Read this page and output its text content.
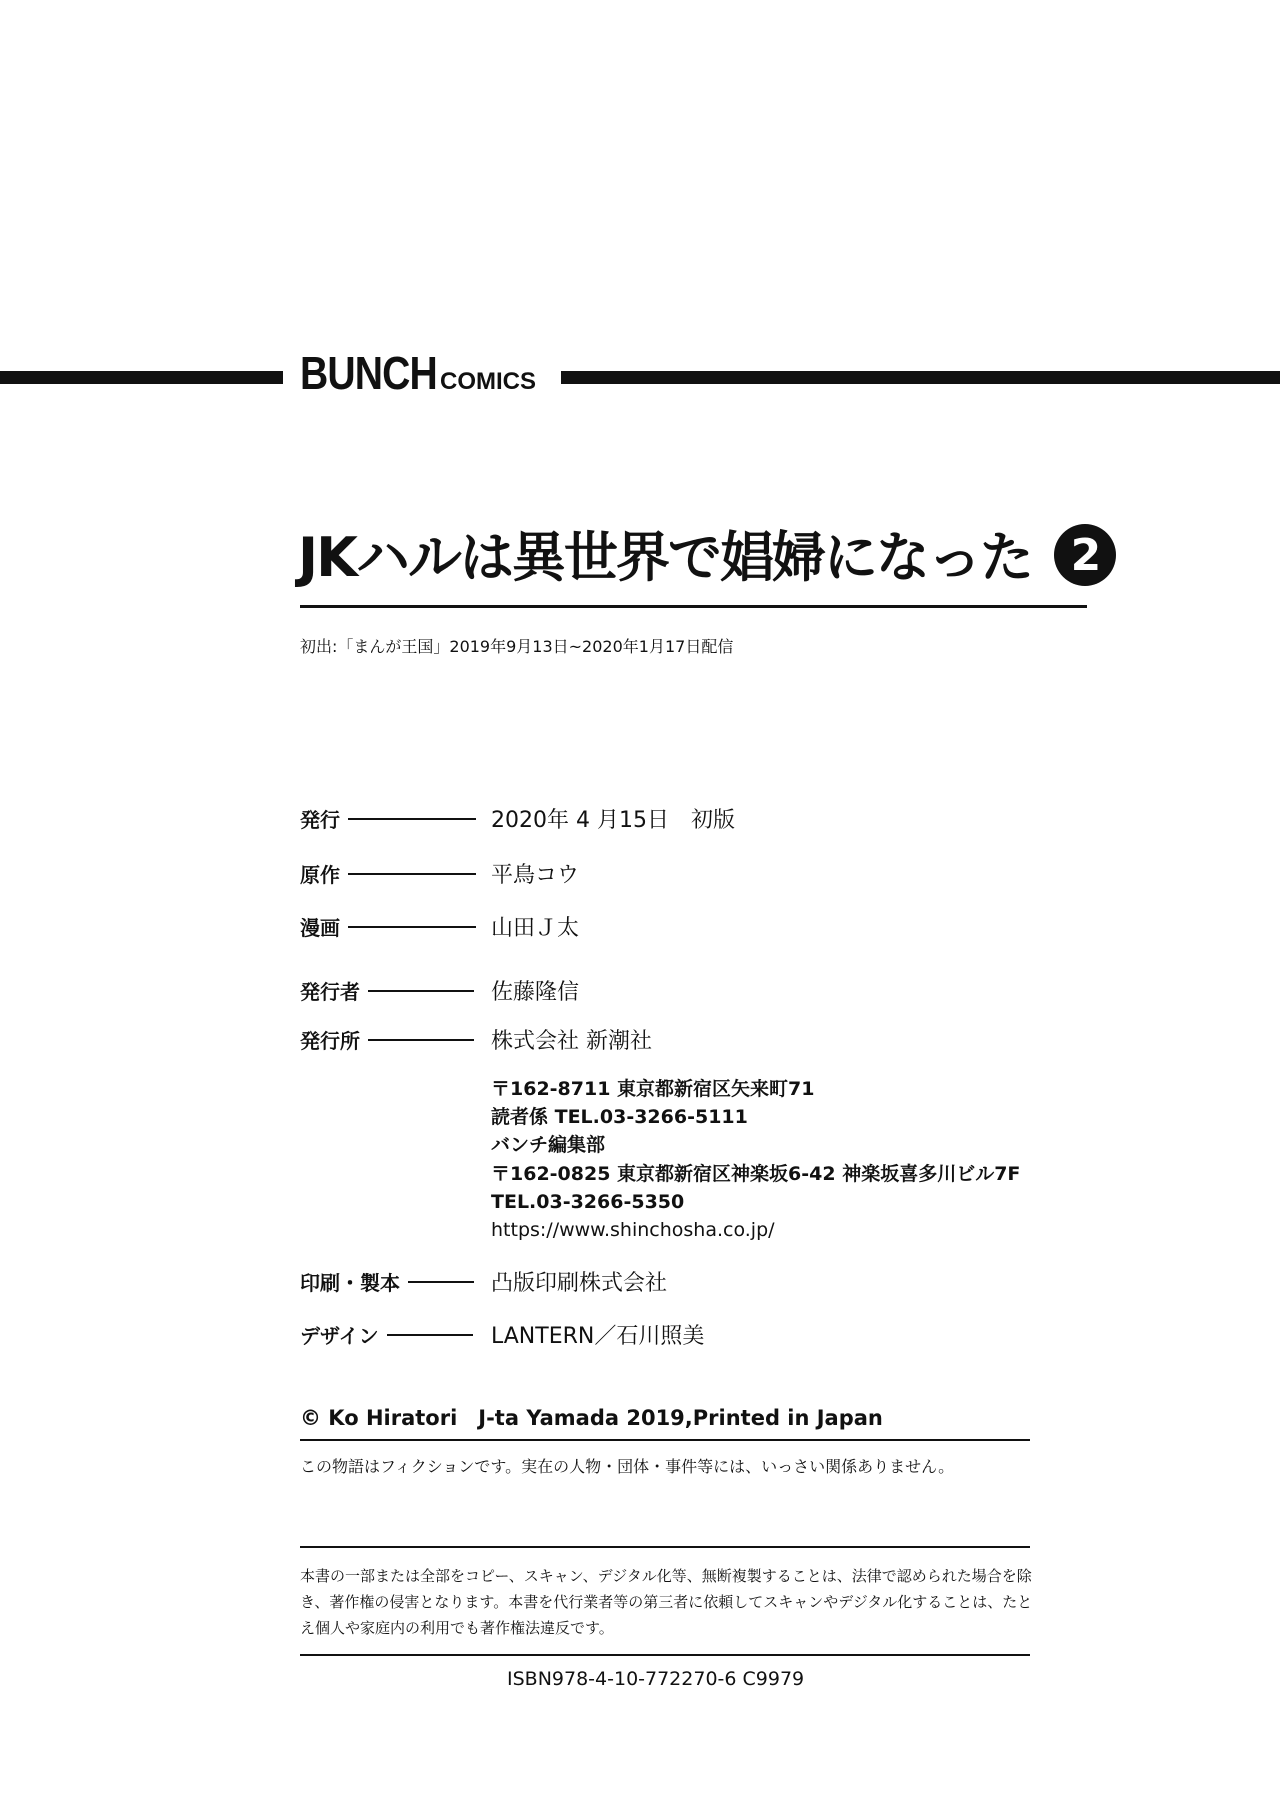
BUNCH COMICS
JKハルは異世界で娼婦になった 2
初出:「まんが王国」2019年9月13日~2020年1月17日配信
発行	2020年 4 月15日　初版
原作	平鳥コウ
漫画	山田Ｊ太
発行者	佐藤隆信
発行所	株式会社 新潮社
〒162-8711 東京都新宿区矢来町71
読者係 TEL.03-3266-5111
バンチ編集部
〒162-0825 東京都新宿区神楽坂6-42 神楽坂喜多川ビル7F
TEL.03-3266-5350
https://www.shinchosha.co.jp/
印刷・製本	凸版印刷株式会社
デザイン	LANTERN／石川照美
© Ko Hiratori　J-ta Yamada 2019,Printed in Japan
この物語はフィクションです。実在の人物・団体・事件等には、いっさい関係ありません。
本書の一部または全部をコピー、スキャン、デジタル化等、無断複製することは、法律で認められた場合を除き、著作権の侵害となります。本書を代行業者等の第三者に依頼してスキャンやデジタル化することは、たとえ個人や家庭内の利用でも著作権法違反です。
ISBN978-4-10-772270-6 C9979
